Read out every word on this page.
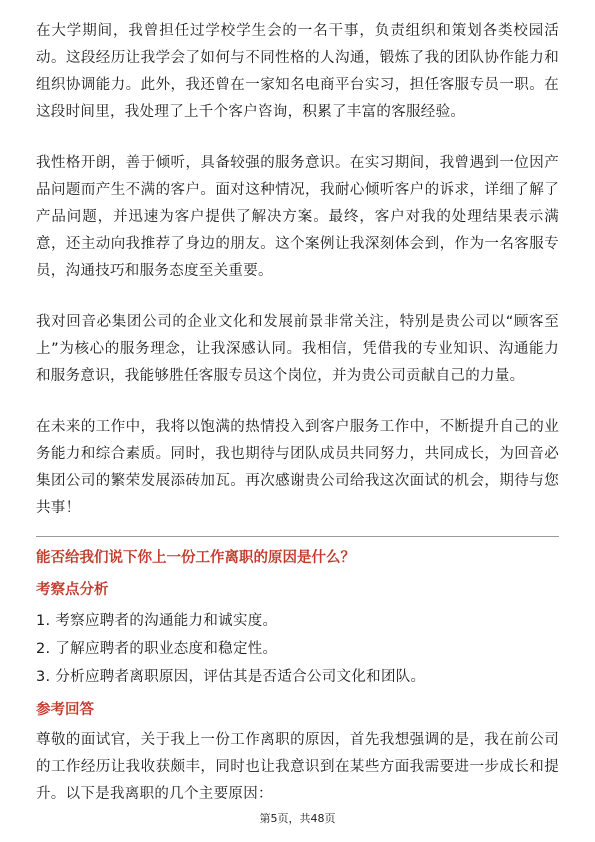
在大学期间，我曾担任过学校学生会的一名干事，负责组织和策划各类校园活动。这段经历让我学会了如何与不同性格的人沟通，锻炼了我的团队协作能力和组织协调能力。此外，我还曾在一家知名电商平台实习，担任客服专员一职。在这段时间里，我处理了上千个客户咨询，积累了丰富的客服经验。

我性格开朗，善于倾听，具备较强的服务意识。在实习期间，我曾遇到一位因产品问题而产生不满的客户。面对这种情况，我耐心倾听客户的诉求，详细了解了产品问题，并迅速为客户提供了解决方案。最终，客户对我的处理结果表示满意，还主动向我推荐了身边的朋友。这个案例让我深刻体会到，作为一名客服专员，沟通技巧和服务态度至关重要。

我对回音必集团公司的企业文化和发展前景非常关注，特别是贵公司以“顾客至上”为核心的服务理念，让我深感认同。我相信，凭借我的专业知识、沟通能力和服务意识，我能够胜任客服专员这个岗位，并为贵公司贡献自己的力量。

在未来的工作中，我将以饱满的热情投入到客户服务工作中，不断提升自己的业务能力和综合素质。同时，我也期待与团队成员共同努力，共同成长，为回音必集团公司的繁荣发展添砖加瓦。再次感谢贵公司给我这次面试的机会，期待与您共事！

能否给我们说下你上一份工作离职的原因是什么？
考察点分析
1. 考察应聘者的沟通能力和诚实度。
2. 了解应聘者的职业态度和稳定性。
3. 分析应聘者离职原因，评估其是否适合公司文化和团队。
参考回答

尊敬的面试官，关于我上一份工作离职的原因，首先我想强调的是，我在前公司的工作经历让我收获颇丰，同时也让我意识到在某些方面我需要进一步成长和提升。以下是我离职的几个主要原因：

第5页，共48页
